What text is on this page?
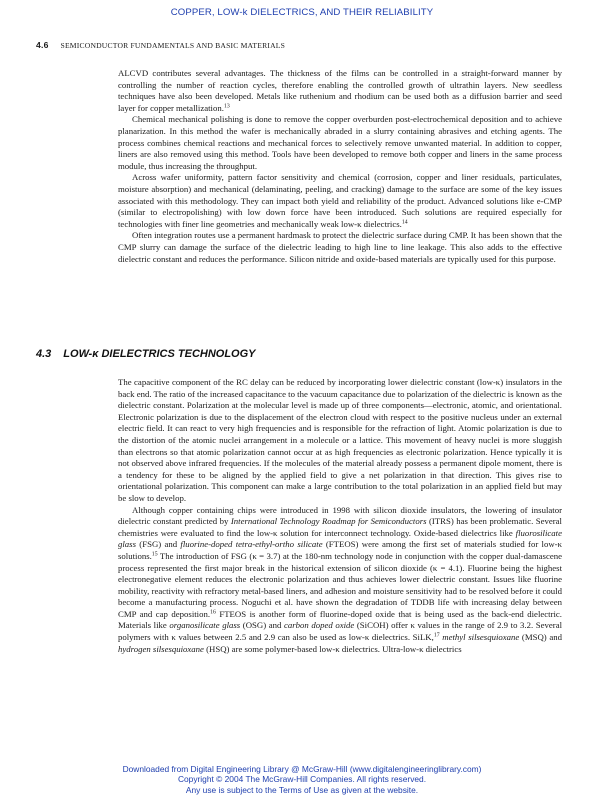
COPPER, LOW-k DIELECTRICS, AND THEIR RELIABILITY
4.6 SEMICONDUCTOR FUNDAMENTALS AND BASIC MATERIALS

ALCVD contributes several advantages. The thickness of the films can be controlled in a straight-forward manner by controlling the number of reaction cycles, therefore enabling the controlled growth of ultrathin layers. New seedless techniques have also been developed. Metals like ruthenium and rhodium can be used both as a diffusion barrier and seed layer for copper metallization.$^{13}$

Chemical mechanical polishing is done to remove the copper overburden post-electrochemical deposition and to achieve planarization. In this method the wafer is mechanically abraded in a slurry containing abrasives and etching agents. The process combines chemical reactions and mechanical forces to selectively remove unwanted material. In addition to copper, liners are also removed using this method. Tools have been developed to remove both copper and liners in the same process module, thus increasing the throughput.

Across wafer uniformity, pattern factor sensitivity and chemical (corrosion, copper and liner residuals, particulates, moisture absorption) and mechanical (delaminating, peeling, and cracking) damage to the surface are some of the key issues associated with this methodology. They can impact both yield and reliability of the product. Advanced solutions like e-CMP (similar to electropolishing) with low down force have been introduced. Such solutions are required especially for technologies with finer line geometries and mechanically weak low-κ dielectrics.$^{14}$

Often integration routes use a permanent hardmask to protect the dielectric surface during CMP. It has been shown that the CMP slurry can damage the surface of the dielectric leading to high line to line leakage. This also adds to the effective dielectric constant and reduces the performance. Silicon nitride and oxide-based materials are typically used for this purpose.

4.3 LOW-κ DIELECTRICS TECHNOLOGY

The capacitive component of the RC delay can be reduced by incorporating lower dielectric constant (low-κ) insulators in the back end. The ratio of the increased capacitance to the vacuum capacitance due to polarization of the dielectric is known as the dielectric constant. Polarization at the molecular level is made up of three components—electronic, atomic, and orientational. Electronic polarization is due to the displacement of the electron cloud with respect to the positive nucleus under an external electric field. It can react to very high frequencies and is responsible for the refraction of light. Atomic polarization is due to the distortion of the atomic nuclei arrangement in a molecule or a lattice. This movement of heavy nuclei is more sluggish than electrons so that atomic polarization cannot occur at as high frequencies as electronic polarization. Hence typically it is not observed above infrared frequencies. If the molecules of the material already possess a permanent dipole moment, there is a tendency for these to be aligned by the applied field to give a net polarization in that direction. This gives rise to orientational polarization. This component can make a large contribution to the total polarization in an applied field but may be slow to develop.

Although copper containing chips were introduced in 1998 with silicon dioxide insulators, the lowering of insulator dielectric constant predicted by International Technology Roadmap for Semiconductors (ITRS) has been problematic. Several chemistries were evaluated to find the low-κ solution for interconnect technology. Oxide-based dielectrics like fluorosilicate glass (FSG) and fluorine-doped tetra-ethyl-ortho silicate (FTEOS) were among the first set of materials studied for low-κ solutions.$^{15}$ The introduction of FSG (κ = 3.7) at the 180-nm technology node in conjunction with the copper dual-damascene process represented the first major break in the historical extension of silicon dioxide (κ = 4.1). Fluorine being the highest electronegative element reduces the electronic polarization and thus achieves lower dielectric constant. Issues like fluorine mobility, reactivity with refractory metal-based liners, and adhesion and moisture sensitivity had to be resolved before it could become a manufacturing process. Noguchi et al. have shown the degradation of TDDB life with increasing delay between CMP and cap deposition.$^{16}$ FTEOS is another form of fluorine-doped oxide that is being used as the back-end dielectric. Materials like organosilicate glass (OSG) and carbon doped oxide (SiCOH) offer κ values in the range of 2.9 to 3.2. Several polymers with κ values between 2.5 and 2.9 can also be used as low-κ dielectrics. SiLK,$^{17}$ methyl silsesquioxane (MSQ) and hydrogen silsesquioxane (HSQ) are some polymer-based low-κ dielectrics. Ultra-low-κ dielectrics

Downloaded from Digital Engineering Library @ McGraw-Hill (www.digitalengineeringlibrary.com)
Copyright © 2004 The McGraw-Hill Companies. All rights reserved.
Any use is subject to the Terms of Use as given at the website.
